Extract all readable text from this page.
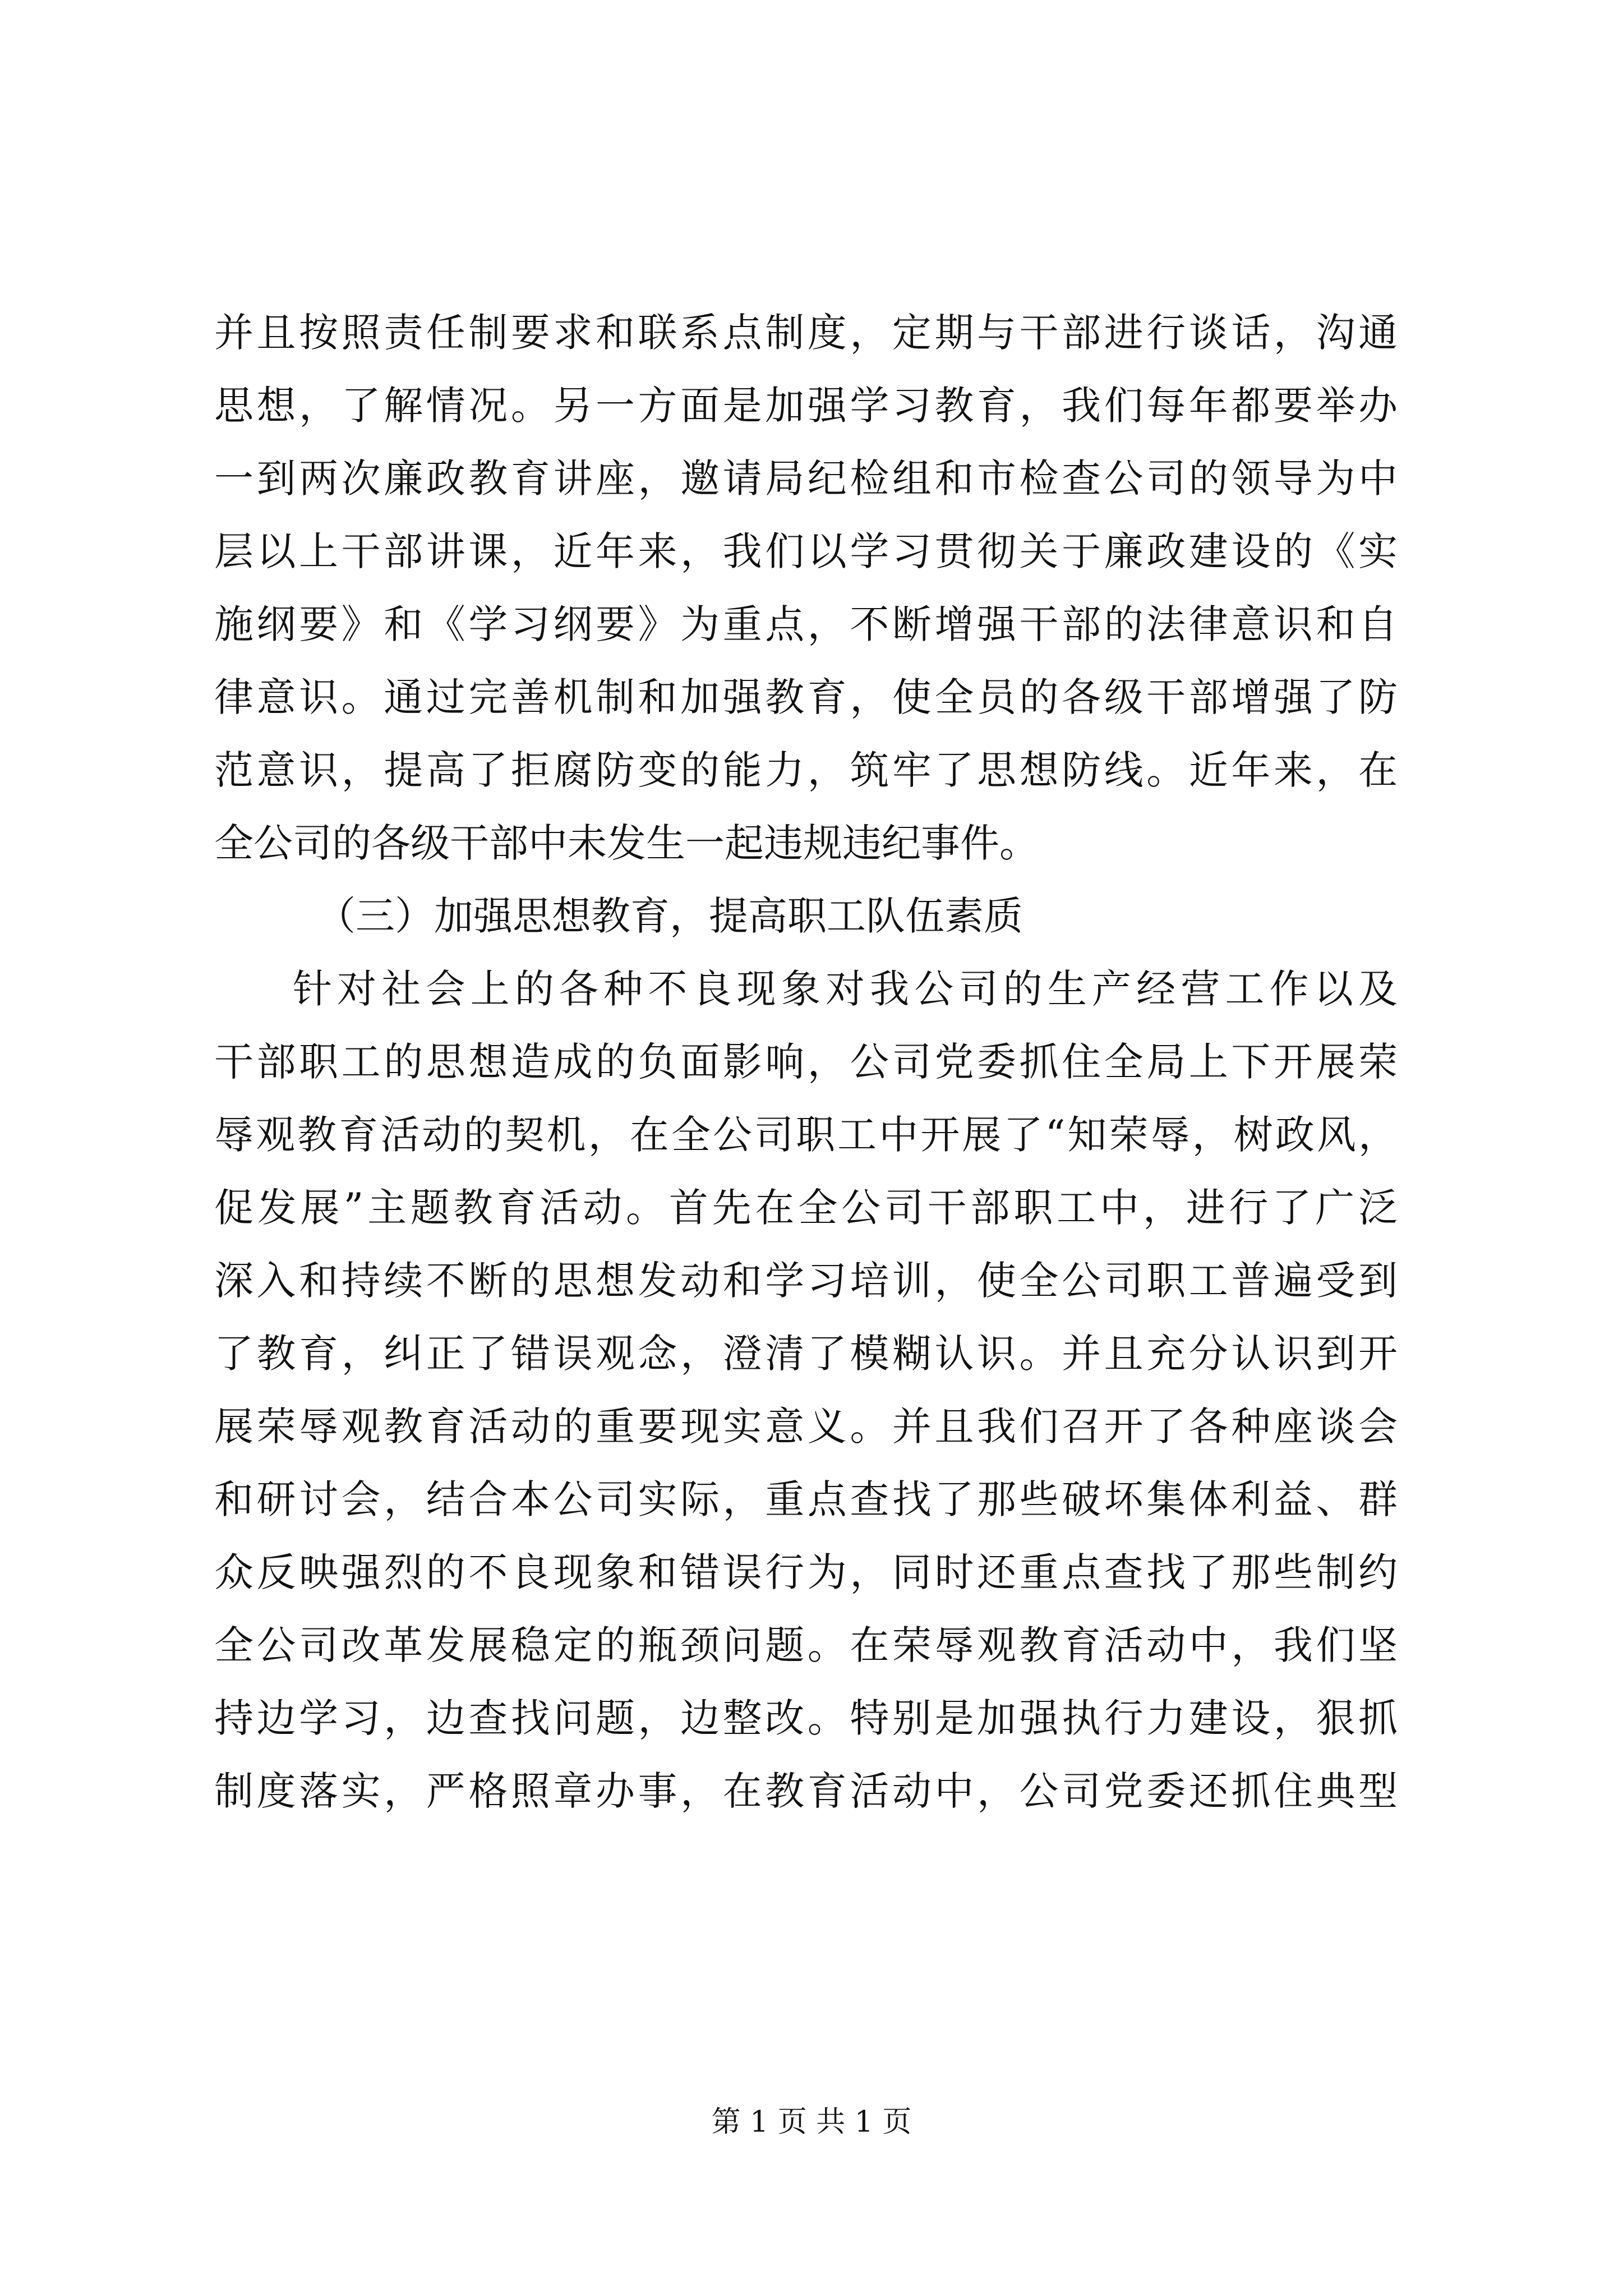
并且按照责任制要求和联系点制度，定期与干部进行谈话，沟通
思想，了解情况。另一方面是加强学习教育，我们每年都要举办
一到两次廉政教育讲座，邀请局纪检组和市检查公司的领导为中
层以上干部讲课，近年来，我们以学习贯彻关于廉政建设的《实
施纲要》和《学习纲要》为重点，不断增强干部的法律意识和自
律意识。通过完善机制和加强教育，使全员的各级干部增强了防
范意识，提高了拒腐防变的能力，筑牢了思想防线。近年来，在
全公司的各级干部中未发生一起违规违纪事件。
（三）加强思想教育，提高职工队伍素质
针对社会上的各种不良现象对我公司的生产经营工作以及
干部职工的思想造成的负面影响，公司党委抓住全局上下开展荣
辱观教育活动的契机，在全公司职工中开展了“知荣辱，树政风，
促发展”主题教育活动。首先在全公司干部职工中，进行了广泛
深入和持续不断的思想发动和学习培训，使全公司职工普遍受到
了教育，纠正了错误观念，澄清了模糊认识。并且充分认识到开
展荣辱观教育活动的重要现实意义。并且我们召开了各种座谈会
和研讨会，结合本公司实际，重点查找了那些破坏集体利益、群
众反映强烈的不良现象和错误行为，同时还重点查找了那些制约
全公司改革发展稳定的瓶颈问题。在荣辱观教育活动中，我们坚
持边学习，边查找问题，边整改。特别是加强执行力建设，狠抓
制度落实，严格照章办事，在教育活动中，公司党委还抓住典型
第 1 页 共 1 页
